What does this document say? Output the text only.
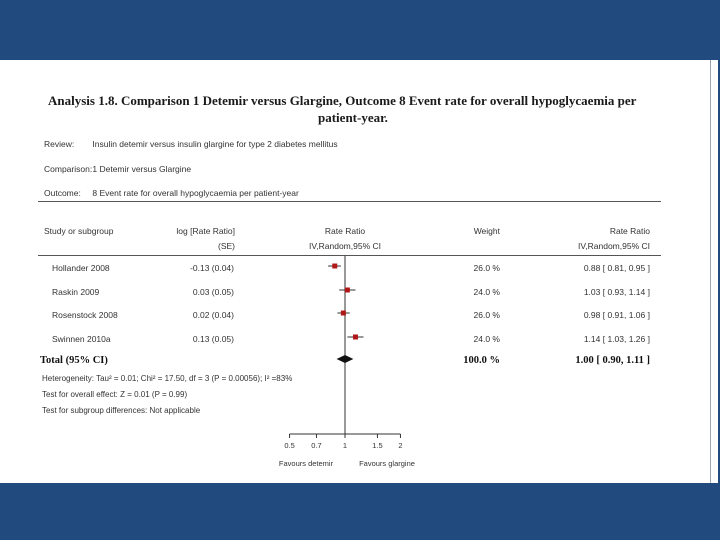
Analysis 1.8. Comparison 1 Detemir versus Glargine, Outcome 8 Event rate for overall hypoglycaemia per
patient-year.
Review: Insulin detemir versus insulin glargine for type 2 diabetes mellitus
Comparison: 1 Detemir versus Glargine
Outcome: 8 Event rate for overall hypoglycaemia per patient-year
Study or subgroup	log [Rate Ratio]
(SE)
Rate Ratio
IV,Random,95% CI
Weight	Rate Ratio
IV,Random,95% CI
Hollander 2008	-0.13 (0.04)	26.0 %	0.88 [ 0.81, 0.95 ]
Raskin 2009	0.03 (0.05)	24.0 %	1.03 [ 0.93, 1.14 ]
Rosenstock 2008	0.02 (0.04)	26.0 %	0.98 [ 0.91, 1.06 ]
Swinnen 2010a	0.13 (0.05)	24.0 %	1.14 [ 1.03, 1.26 ]
Total (95% CI)	100.0 %	1.00 [ 0.90, 1.11 ]
Heterogeneity: Tau² = 0.01; Chi² = 17.50, df = 3 (P = 0.00056); I² =83%
Test for overall effect: Z = 0.01 (P = 0.99)
Test for subgroup differences: Not applicable
0.5 0.7	1	1.5 2
Favours detemir	Favours glargine
